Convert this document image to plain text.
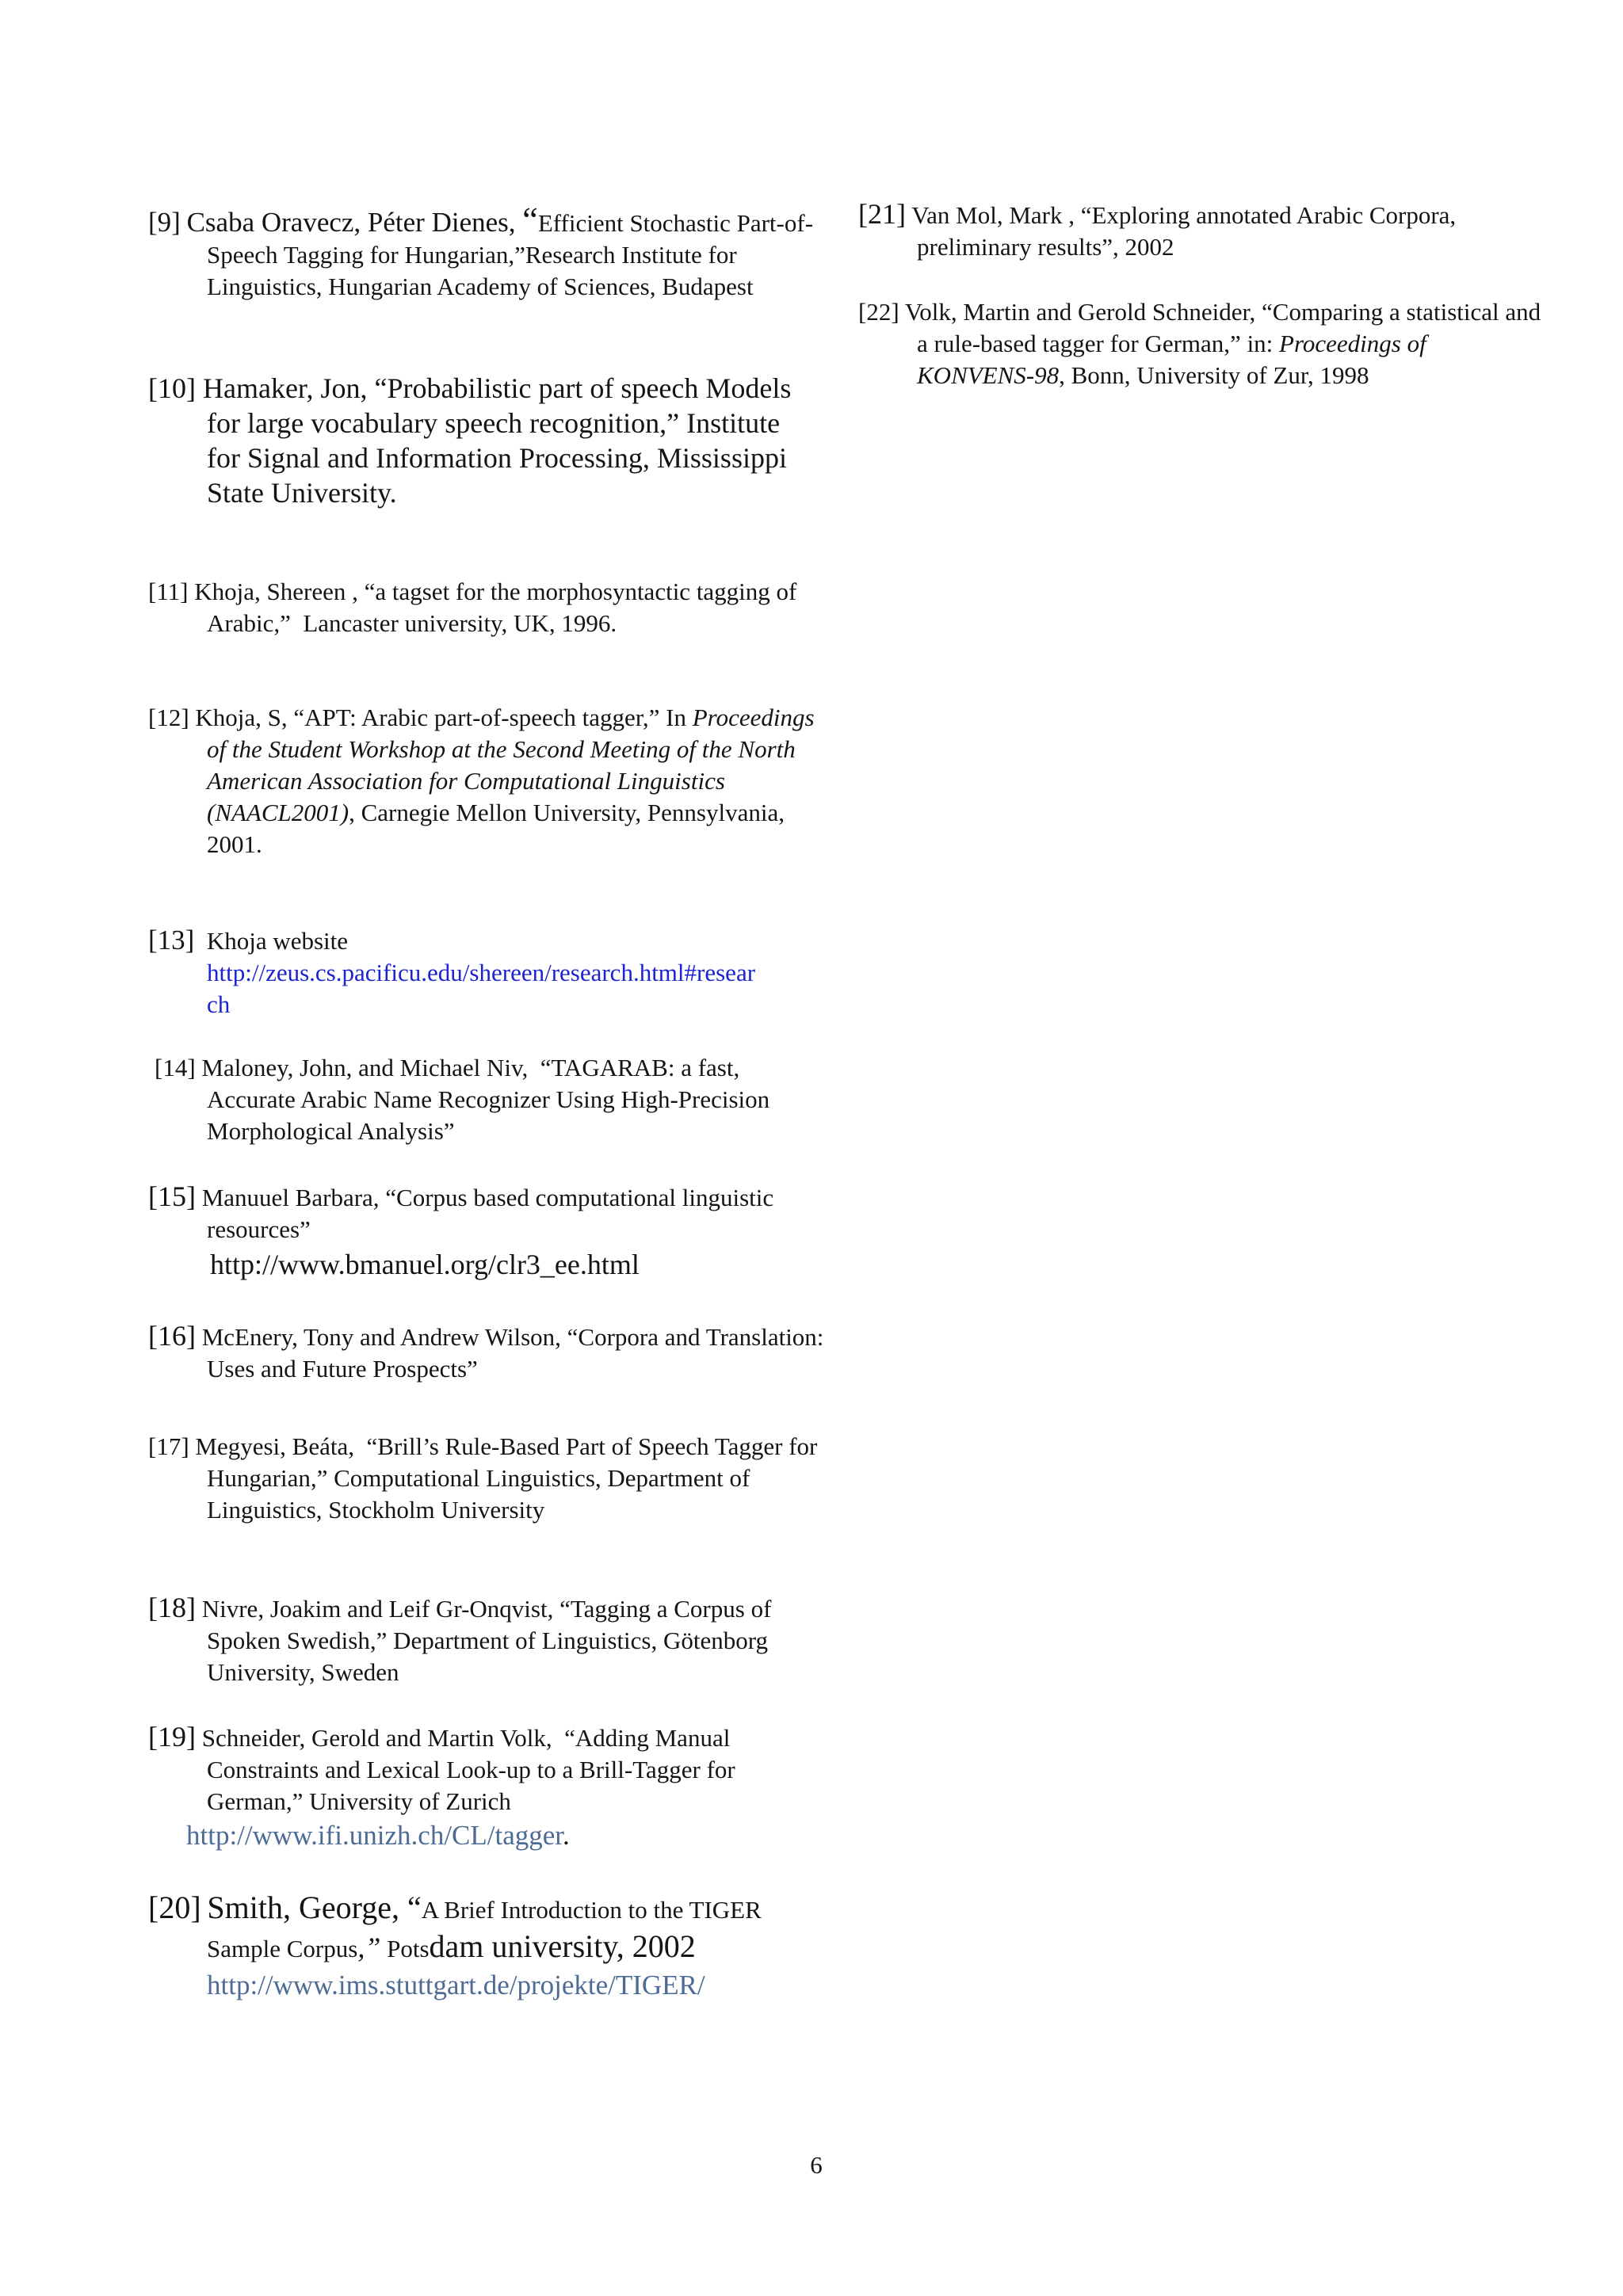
[9] Csaba Oravecz, Péter Dienes, “Efficient Stochastic Part-of-Speech Tagging for Hungarian,”Research Institute for Linguistics, Hungarian Academy of Sciences, Budapest
[10] Hamaker, Jon, “Probabilistic part of speech Models for large vocabulary speech recognition,” Institute for Signal and Information Processing, Mississippi State University.
[11] Khoja, Shereen , “a tagset for the morphosyntactic tagging of Arabic,”  Lancaster university, UK, 1996.
[12] Khoja, S, “APT: Arabic part-of-speech tagger,” In Proceedings of the Student Workshop at the Second Meeting of the North American Association for Computational Linguistics (NAACL2001), Carnegie Mellon University, Pennsylvania, 2001.
[13]  Khoja website
http://zeus.cs.pacificu.edu/shereen/research.html#research
[14] Maloney, John, and Michael Niv,  “TAGARAB: a fast, Accurate Arabic Name Recognizer Using High-Precision Morphological Analysis”
[15] Manuuel Barbara, “Corpus based computational linguistic resources”
http://www.bmanuel.org/clr3_ee.html
[16] McEnery, Tony and Andrew Wilson, “Corpora and Translation: Uses and Future Prospects”
[17] Megyesi, Beáta,  “Brill’s Rule-Based Part of Speech Tagger for Hungarian,” Computational Linguistics, Department of Linguistics, Stockholm University
[18] Nivre, Joakim and Leif Gr-Onqvist, “Tagging a Corpus of Spoken Swedish,” Department of Linguistics, Götenborg University, Sweden
[19] Schneider, Gerold and Martin Volk,  “Adding Manual Constraints and Lexical Look-up to a Brill-Tagger for German,” University of Zurich
http://www.ifi.unizh.ch/CL/tagger.
[20] Smith, George, “A Brief Introduction to the TIGER Sample Corpus,” Potsdam university, 2002
http://www.ims.stuttgart.de/projekte/TIGER/
[21] Van Mol, Mark , “Exploring annotated Arabic Corpora, preliminary results”, 2002
[22] Volk, Martin and Gerold Schneider, “Comparing a statistical and a rule-based tagger for German,” in: Proceedings of  KONVENS-98, Bonn, University of Zur, 1998
6
